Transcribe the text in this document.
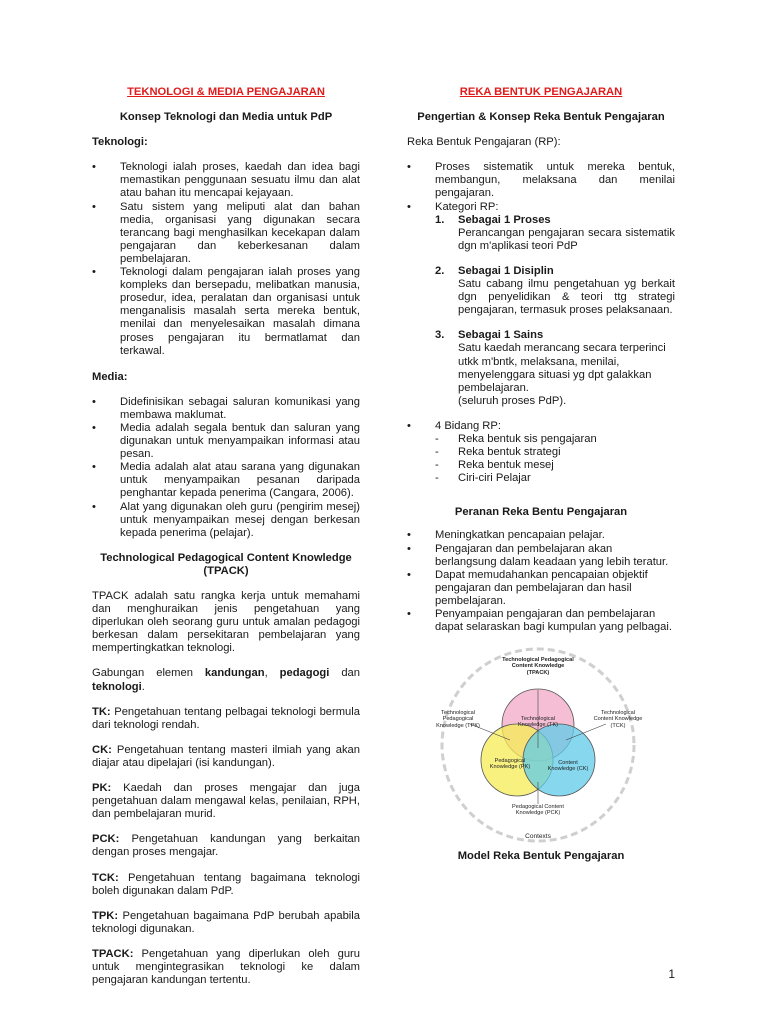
TEKNOLOGI & MEDIA PENGAJARAN
Konsep Teknologi dan Media untuk PdP
Teknologi:
• Teknologi ialah proses, kaedah dan idea bagi memastikan penggunaan sesuatu ilmu dan alat atau bahan itu mencapai kejayaan.
• Satu sistem yang meliputi alat dan bahan media, organisasi yang digunakan secara terancang bagi menghasilkan kecekapan dalam pengajaran dan keberkesanan dalam pembelajaran.
• Teknologi dalam pengajaran ialah proses yang kompleks dan bersepadu, melibatkan manusia, prosedur, idea, peralatan dan organisasi untuk menganalisis masalah serta mereka bentuk, menilai dan menyelesaikan masalah dimana proses pengajaran itu bermatlamat dan terkawal.
Media:
• Didefinisikan sebagai saluran komunikasi yang membawa maklumat.
• Media adalah segala bentuk dan saluran yang digunakan untuk menyampaikan informasi atau pesan.
• Media adalah alat atau sarana yang digunakan untuk menyampaikan pesanan daripada penghantar kepada penerima (Cangara, 2006).
• Alat yang digunakan oleh guru (pengirim mesej) untuk menyampaikan mesej dengan berkesan kepada penerima (pelajar).
Technological Pedagogical Content Knowledge (TPACK)

TPACK adalah satu rangka kerja untuk memahami dan menghuraikan jenis pengetahuan yang diperlukan oleh seorang guru untuk amalan pedagogi berkesan dalam persekitaran pembelajaran yang mempertingkatkan teknologi.

Gabungan elemen kandungan, pedagogi dan teknologi.

TK: Pengetahuan tentang pelbagai teknologi bermula dari teknologi rendah.

CK: Pengetahuan tentang masteri ilmiah yang akan diajar atau dipelajari (isi kandungan).

PK: Kaedah dan proses mengajar dan juga pengetahuan dalam mengawal kelas, penilaian, RPH, dan pembelajaran murid.

PCK: Pengetahuan kandungan yang berkaitan dengan proses mengajar.

TCK: Pengetahuan tentang bagaimana teknologi boleh digunakan dalam PdP.

TPK: Pengetahuan bagaimana PdP berubah apabila teknologi digunakan.

TPACK: Pengetahuan yang diperlukan oleh guru untuk mengintegrasikan teknologi ke dalam pengajaran kandungan tertentu.

REKA BENTUK PENGAJARAN
Pengertian & Konsep Reka Bentuk Pengajaran

Reka Bentuk Pengajaran (RP):

• Proses sistematik untuk mereka bentuk, membangun, melaksana dan menilai pengajaran.
• Kategori RP:
1. Sebagai 1 Proses
Perancangan pengajaran secara sistematik dgn m'aplikasi teori PdP
2. Sebagai 1 Disiplin
Satu cabang ilmu pengetahuan yg berkait dgn penyelidikan & teori ttg strategi pengajaran, termasuk proses pelaksanaan.
3. Sebagai 1 Sains
Satu kaedah merancang secara terperinci utkk m'bntk, melaksana, menilai, menyelenggara situasi yg dpt galakkan pembelajaran.
(seluruh proses PdP).
• 4 Bidang RP:
- Reka bentuk sis pengajaran
- Reka bentuk strategi
- Reka bentuk mesej
- Ciri-ciri Pelajar
Peranan Reka Bentu Pengajaran
• Meningkatkan pencapaian pelajar.
• Pengajaran dan pembelajaran akan berlangsung dalam keadaan yang lebih teratur.
• Dapat memudahankan pencapaian objektif pengajaran dan pembelajaran dan hasil pembelajaran.
• Penyampaian pengajaran dan pembelajaran dapat selaraskan bagi kumpulan yang pelbagai.
Technological Pedagogical Content Knowledge (TPACK)
Technological Pedagogical Knowledge (TPK)
Technological Content Knowledge (TCK)
Technological Knowledge (TK)
Pedagogical Knowledge (PK)
Content Knowledge (CK)
Pedagogical Content Knowledge (PCK)
Contexts
Model Reka Bentuk Pengajaran
1
